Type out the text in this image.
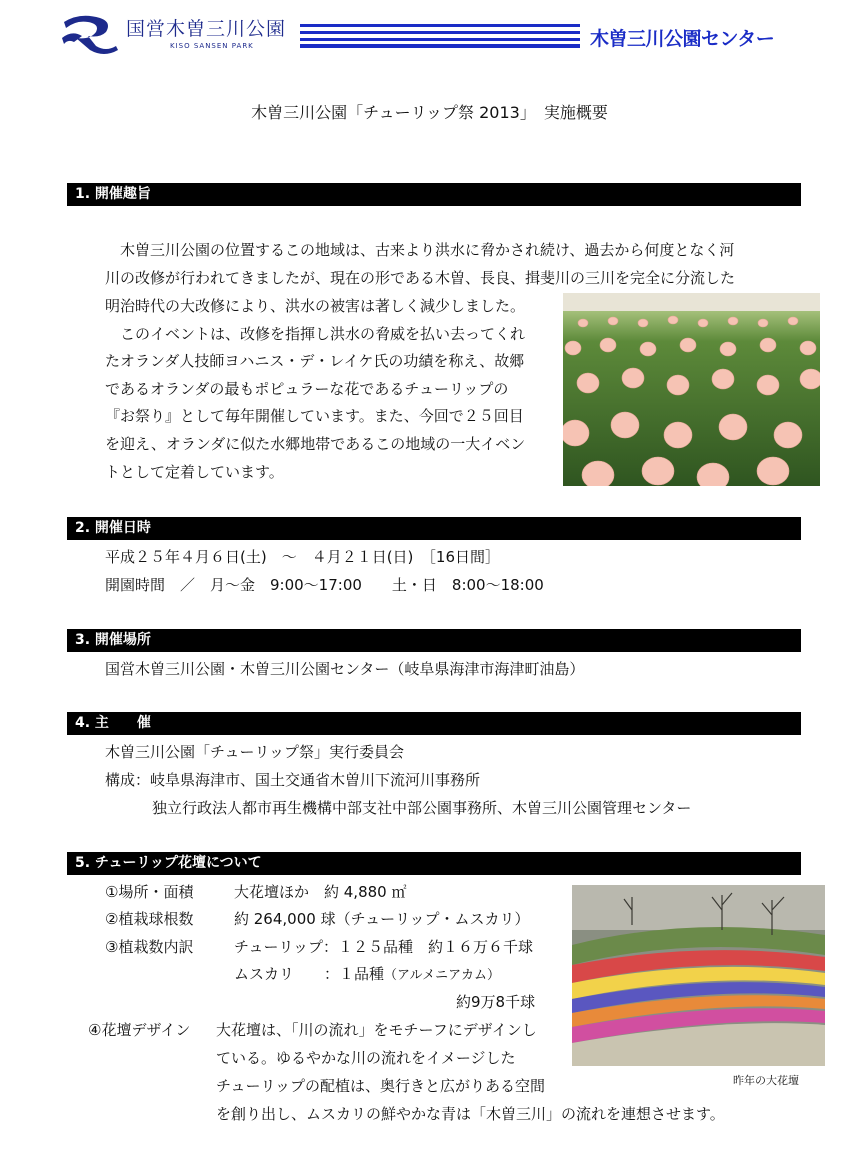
国営木曽三川公園
KISO SANSEN PARK	木曽三川公園センター
木曽三川公園「チューリップ祭 2013」　実施概要
1. 開催趣旨
　木曽三川公園の位置するこの地域は、古来より洪水に脅かされ続け、過去から何度となく河
川の改修が行われてきましたが、現在の形である木曽、長良、揖斐川の三川を完全に分流した
明治時代の大改修により、洪水の被害は著しく減少しました。
　このイベントは、改修を指揮し洪水の脅威を払い去ってくれ
たオランダ人技師ヨハニス・デ・レイケ氏の功績を称え、故郷
であるオランダの最もポピュラーな花であるチューリップの
『お祭り』として毎年開催しています。また、今回で２５回目
を迎え、オランダに似た水郷地帯であるこの地域の一大イベン
トとして定着しています。
2. 開催日時
平成２５年４月６日(土)　～　４月２１日(日)　［16日間］
開園時間　／　月～金　9:00～17:00　　土・日　8:00～18:00
3. 開催場所
国営木曽三川公園・木曽三川公園センター（岐阜県海津市海津町油島）
4. 主　　催
木曽三川公園「チューリップ祭」実行委員会
構成：岐阜県海津市、国土交通省木曽川下流河川事務所
独立行政法人都市再生機構中部支社中部公園事務所、木曽三川公園管理センター
5. チューリップ花壇について
①場所・面積	大花壇ほか　約 4,880 ㎡
②植栽球根数	約 264,000 球（チューリップ・ムスカリ）
③植栽数内訳	チューリップ：１２５品種　約１６万６千球
ムスカリ　　：１品種（アルメニアカム）
約9万8千球
④花壇デザイン 大花壇は、「川の流れ」をモチーフにデザインし
ている。ゆるやかな川の流れをイメージした
チューリップの配植は、奥行きと広がりある空間
を創り出し、ムスカリの鮮やかな青は「木曽三川」の流れを連想させます。
昨年の大花壇
